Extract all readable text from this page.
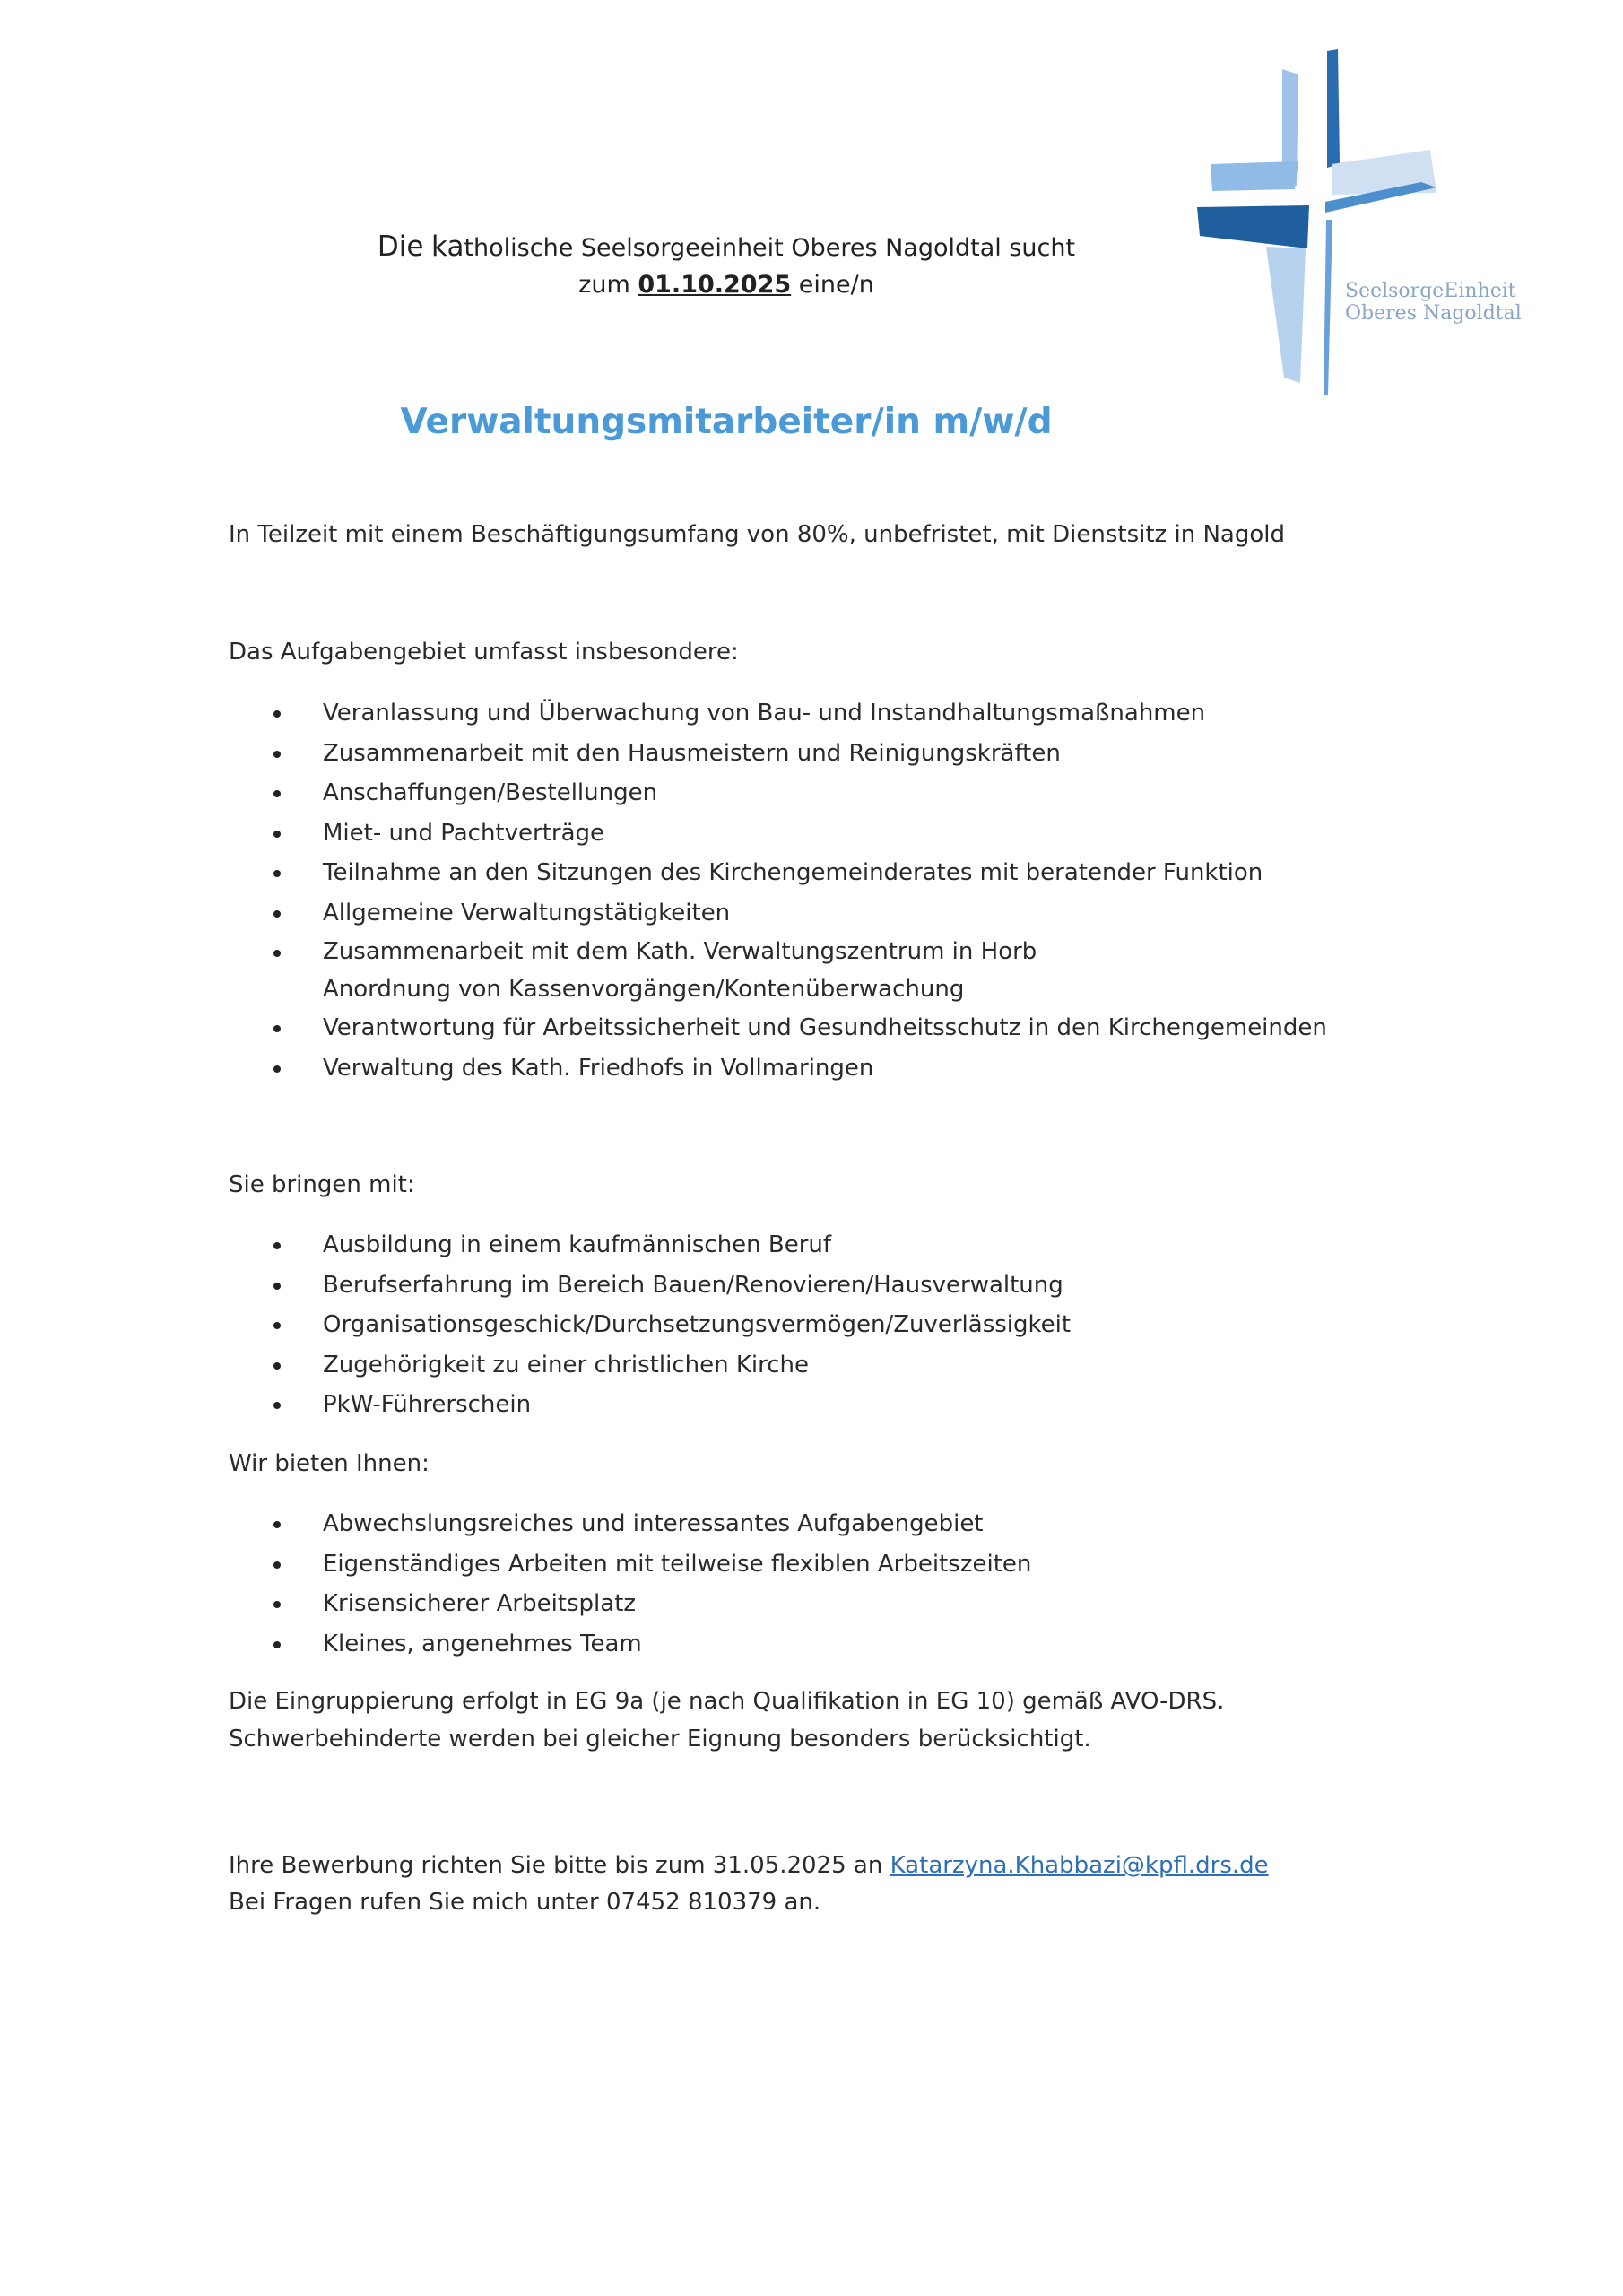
SeelsorgeEinheit
Oberes Nagoldtal
Die katholische Seelsorgeeinheit Oberes Nagoldtal sucht
zum 01.10.2025 eine/n
Verwaltungsmitarbeiter/in m/w/d
In Teilzeit mit einem Beschäftigungsumfang von 80%, unbefristet, mit Dienstsitz in Nagold
Das Aufgabengebiet umfasst insbesondere:
Veranlassung und Überwachung von Bau- und Instandhaltungsmaßnahmen
Zusammenarbeit mit den Hausmeistern und Reinigungskräften
Anschaffungen/Bestellungen
Miet- und Pachtverträge
Teilnahme an den Sitzungen des Kirchengemeinderates mit beratender Funktion
Allgemeine Verwaltungstätigkeiten
Zusammenarbeit mit dem Kath. Verwaltungszentrum in Horb
Anordnung von Kassenvorgängen/Kontenüberwachung
Verantwortung für Arbeitssicherheit und Gesundheitsschutz in den Kirchengemeinden
Verwaltung des Kath. Friedhofs in Vollmaringen
Sie bringen mit:
Ausbildung in einem kaufmännischen Beruf
Berufserfahrung im Bereich Bauen/Renovieren/Hausverwaltung
Organisationsgeschick/Durchsetzungsvermögen/Zuverlässigkeit
Zugehörigkeit zu einer christlichen Kirche
PkW-Führerschein
Wir bieten Ihnen:
Abwechslungsreiches und interessantes Aufgabengebiet
Eigenständiges Arbeiten mit teilweise flexiblen Arbeitszeiten
Krisensicherer Arbeitsplatz
Kleines, angenehmes Team
Die Eingruppierung erfolgt in EG 9a (je nach Qualifikation in EG 10) gemäß AVO-DRS.
Schwerbehinderte werden bei gleicher Eignung besonders berücksichtigt.
Ihre Bewerbung richten Sie bitte bis zum 31.05.2025 an Katarzyna.Khabbazi@kpfl.drs.de
Bei Fragen rufen Sie mich unter 07452 810379 an.
